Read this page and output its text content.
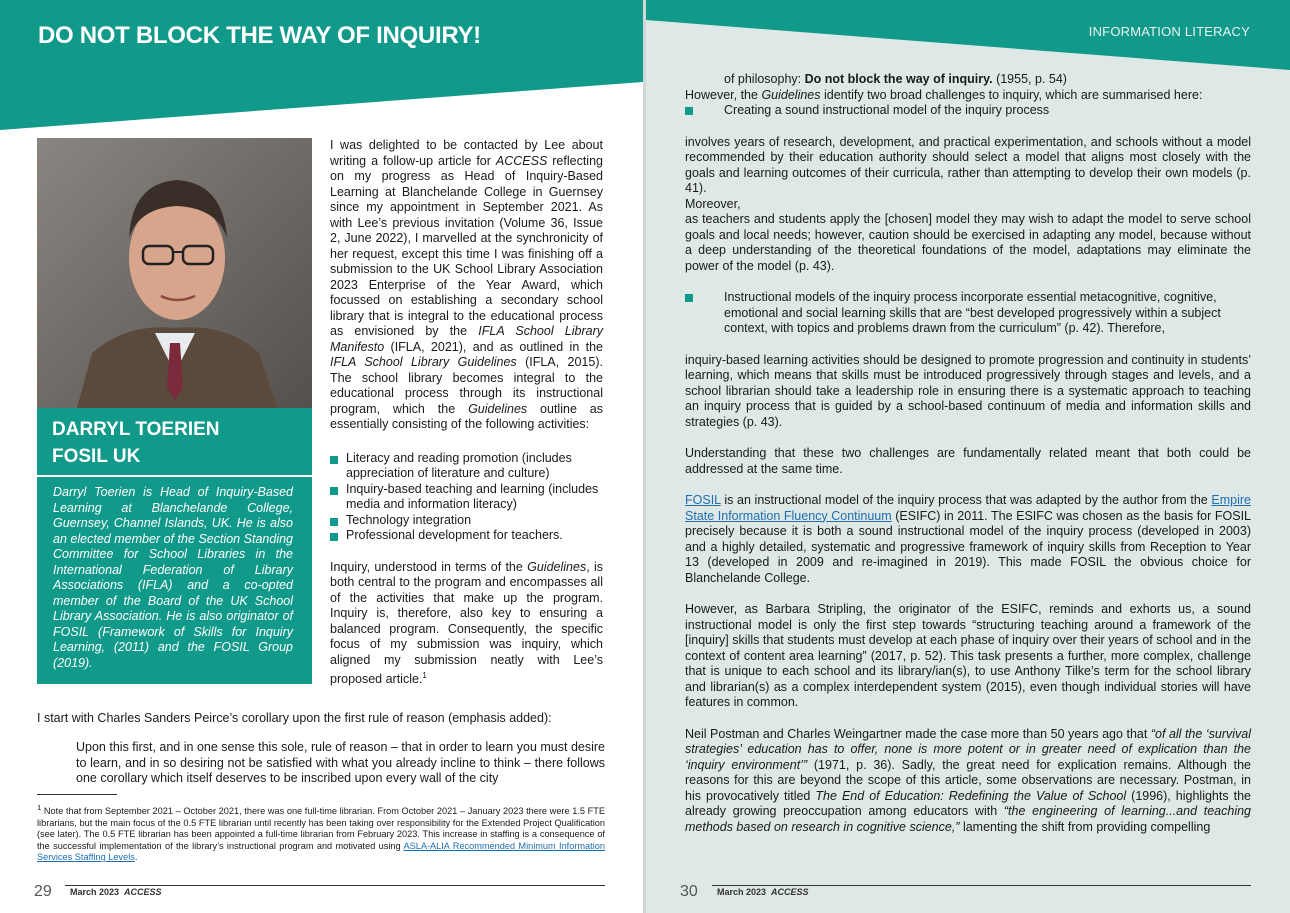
DO NOT BLOCK THE WAY OF INQUIRY!
DARRYL TOERIEN
FOSIL UK
Darryl Toerien is Head of Inquiry-Based Learning at Blanchelande College, Guernsey, Channel Islands, UK. He is also an elected member of the Section Standing Committee for School Libraries in the International Federation of Library Associations (IFLA) and a co-opted member of the Board of the UK School Library Association. He is also originator of FOSIL (Framework of Skills for Inquiry Learning, (2011) and the FOSIL Group (2019).

I was delighted to be contacted by Lee about writing a follow-up article for ACCESS reflecting on my progress as Head of Inquiry-Based Learning at Blanchelande College in Guernsey since my appointment in September 2021. As with Lee’s previous invitation (Volume 36, Issue 2, June 2022), I marvelled at the synchronicity of her request, except this time I was finishing off a submission to the UK School Library Association 2023 Enterprise of the Year Award, which focussed on establishing a secondary school library that is integral to the educational process as envisioned by the IFLA School Library Manifesto (IFLA, 2021), and as outlined in the IFLA School Library Guidelines (IFLA, 2015). The school library becomes integral to the educational process through its instructional program, which the Guidelines outline as essentially consisting of the following activities:

Literacy and reading promotion (includes appreciation of literature and culture)

Inquiry-based teaching and learning (includes media and information literacy)

Technology integration

Professional development for teachers.

Inquiry, understood in terms of the Guidelines, is both central to the program and encompasses all of the activities that make up the program. Inquiry is, therefore, also key to ensuring a balanced program. Consequently, the specific focus of my submission was inquiry, which aligned my submission neatly with Lee’s proposed article.$^1$

I start with Charles Sanders Peirce’s corollary upon the first rule of reason (emphasis added):

Upon this first, and in one sense this sole, rule of reason – that in order to learn you must desire to learn, and in so desiring not be satisfied with what you already incline to think – there follows one corollary which itself deserves to be inscribed upon every wall of the city

$^1$ Note that from September 2021 – October 2021, there was one full-time librarian. From October 2021 – January 2023 there were 1.5 FTE librarians, but the main focus of the 0.5 FTE librarian until recently has been taking over responsibility for the Extended Project Qualification (see later). The 0.5 FTE librarian has been appointed a full-time librarian from February 2023. This increase in staffing is a consequence of the successful implementation of the library’s instructional program and motivated using ASLA-ALIA Recommended Minimum Information Services Staffing Levels.
29 March 2023 ACCESS
INFORMATION LITERACY

of philosophy: Do not block the way of inquiry. (1955, p. 54)

However, the Guidelines identify two broad challenges to inquiry, which are summarised here:

Creating a sound instructional model of the inquiry process

involves years of research, development, and practical experimentation, and schools without a model recommended by their education authority should select a model that aligns most closely with the goals and learning outcomes of their curricula, rather than attempting to develop their own models (p. 41).

Moreover,

as teachers and students apply the [chosen] model they may wish to adapt the model to serve school goals and local needs; however, caution should be exercised in adapting any model, because without a deep understanding of the theoretical foundations of the model, adaptations may eliminate the power of the model (p. 43).

Instructional models of the inquiry process incorporate essential metacognitive, cognitive, emotional and social learning skills that are “best developed progressively within a subject context, with topics and problems drawn from the curriculum” (p. 42). Therefore,

inquiry-based learning activities should be designed to promote progression and continuity in students’ learning, which means that skills must be introduced progressively through stages and levels, and a school librarian should take a leadership role in ensuring there is a systematic approach to teaching an inquiry process that is guided by a school-based continuum of media and information skills and strategies (p. 43).

Understanding that these two challenges are fundamentally related meant that both could be addressed at the same time.

FOSIL is an instructional model of the inquiry process that was adapted by the author from the Empire State Information Fluency Continuum (ESIFC) in 2011. The ESIFC was chosen as the basis for FOSIL precisely because it is both a sound instructional model of the inquiry process (developed in 2003) and a highly detailed, systematic and progressive framework of inquiry skills from Reception to Year 13 (developed in 2009 and re-imagined in 2019). This made FOSIL the obvious choice for Blanchelande College.

However, as Barbara Stripling, the originator of the ESIFC, reminds and exhorts us, a sound instructional model is only the first step towards “structuring teaching around a framework of the [inquiry] skills that students must develop at each phase of inquiry over their years of school and in the context of content area learning” (2017, p. 52). This task presents a further, more complex, challenge that is unique to each school and its library/ian(s), to use Anthony Tilke’s term for the school library and librarian(s) as a complex interdependent system (2015), even though individual stories will have features in common.

Neil Postman and Charles Weingartner made the case more than 50 years ago that “of all the ‘survival strategies’ education has to offer, none is more potent or in greater need of explication than the ‘inquiry environment’” (1971, p. 36). Sadly, the great need for explication remains. Although the reasons for this are beyond the scope of this article, some observations are necessary. Postman, in his provocatively titled The End of Education: Redefining the Value of School (1996), highlights the already growing preoccupation among educators with “the engineering of learning...and teaching methods based on research in cognitive science,” lamenting the shift from providing compelling

30 March 2023 ACCESS
